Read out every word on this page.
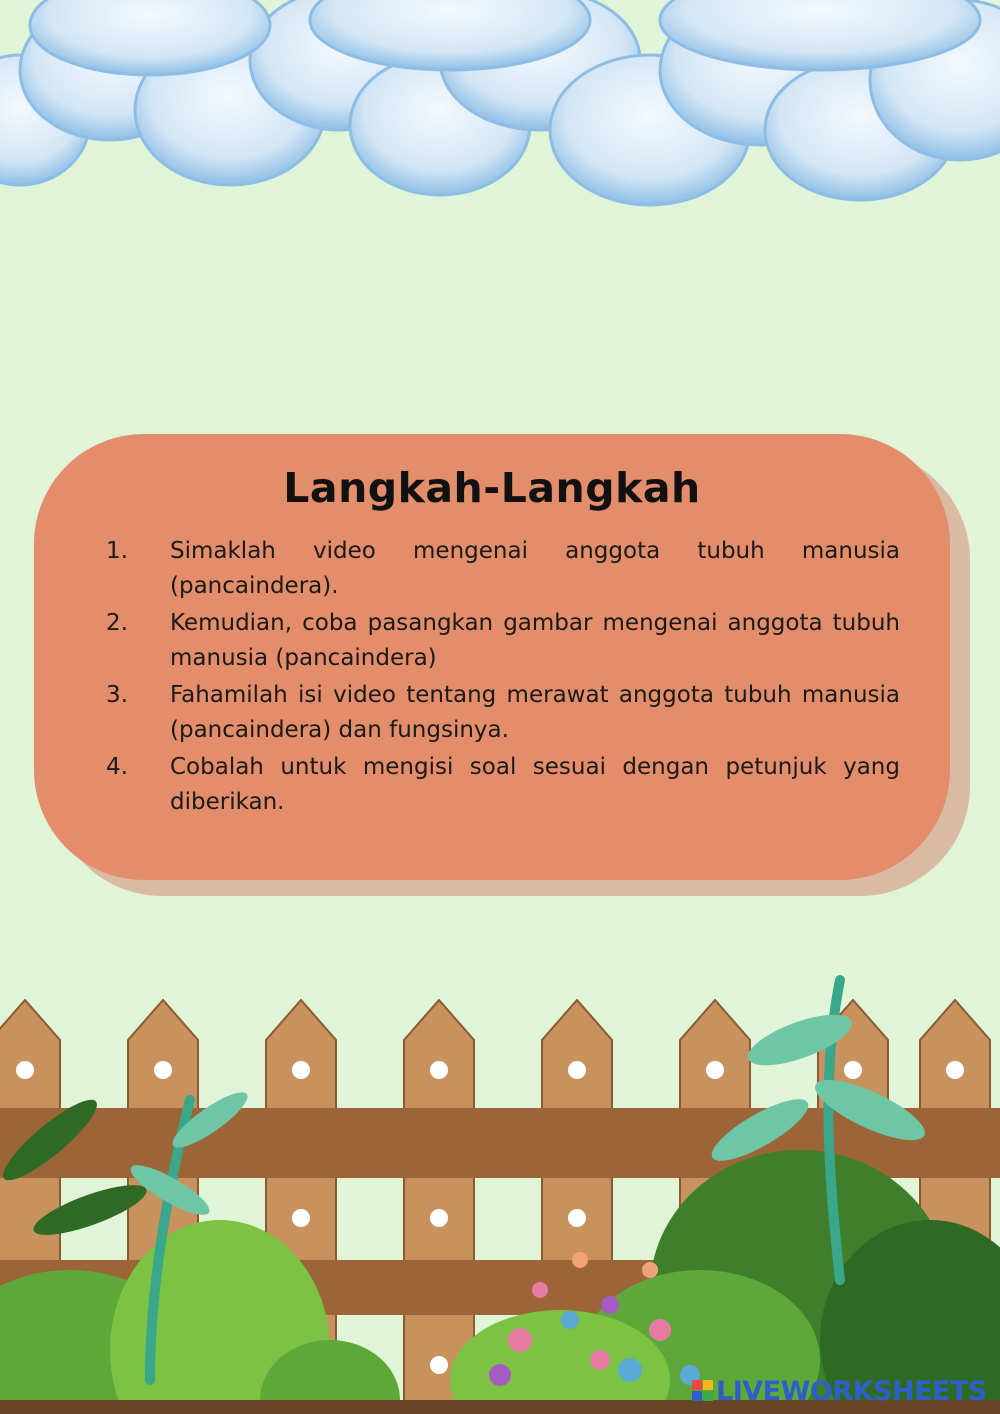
Langkah-Langkah
1.	Simaklah video mengenai anggota tubuh manusia (pancaindera).
2.	Kemudian, coba pasangkan gambar mengenai anggota tubuh manusia (pancaindera)
3.	Fahamilah isi video tentang merawat anggota tubuh manusia (pancaindera) dan fungsinya.
4.	Cobalah untuk mengisi soal sesuai dengan petunjuk yang diberikan.
LIVEWORKSHEETS
